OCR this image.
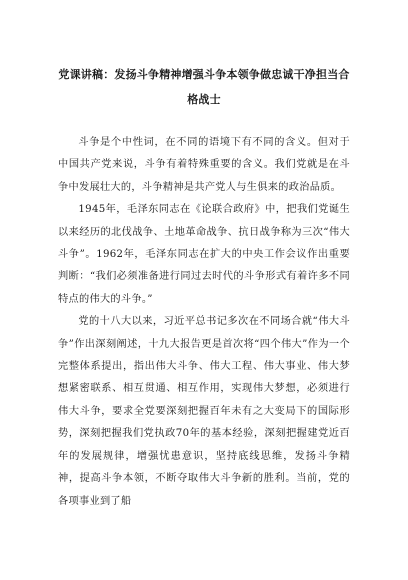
党课讲稿：发扬斗争精神增强斗争本领争做忠诚干净担当合格战士

斗争是个中性词，在不同的语境下有不同的含义。但对于中国共产党来说，斗争有着特殊重要的含义。我们党就是在斗争中发展壮大的，斗争精神是共产党人与生俱来的政治品质。

1945年，毛泽东同志在《论联合政府》中，把我们党诞生以来经历的北伐战争、土地革命战争、抗日战争称为三次“伟大斗争”。1962年，毛泽东同志在扩大的中央工作会议作出重要判断：“我们必须准备进行同过去时代的斗争形式有着许多不同特点的伟大的斗争。”

党的十八大以来，习近平总书记多次在不同场合就“伟大斗争”作出深刻阐述，十九大报告更是首次将“四个伟大”作为一个完整体系提出，指出伟大斗争、伟大工程、伟大事业、伟大梦想紧密联系、相互贯通、相互作用，实现伟大梦想，必须进行伟大斗争，要求全党要深刻把握百年未有之大变局下的国际形势，深刻把握我们党执政70年的基本经验，深刻把握建党近百年的发展规律，增强忧患意识，坚持底线思维，发扬斗争精神，提高斗争本领，不断夺取伟大斗争新的胜利。当前，党的各项事业到了船
